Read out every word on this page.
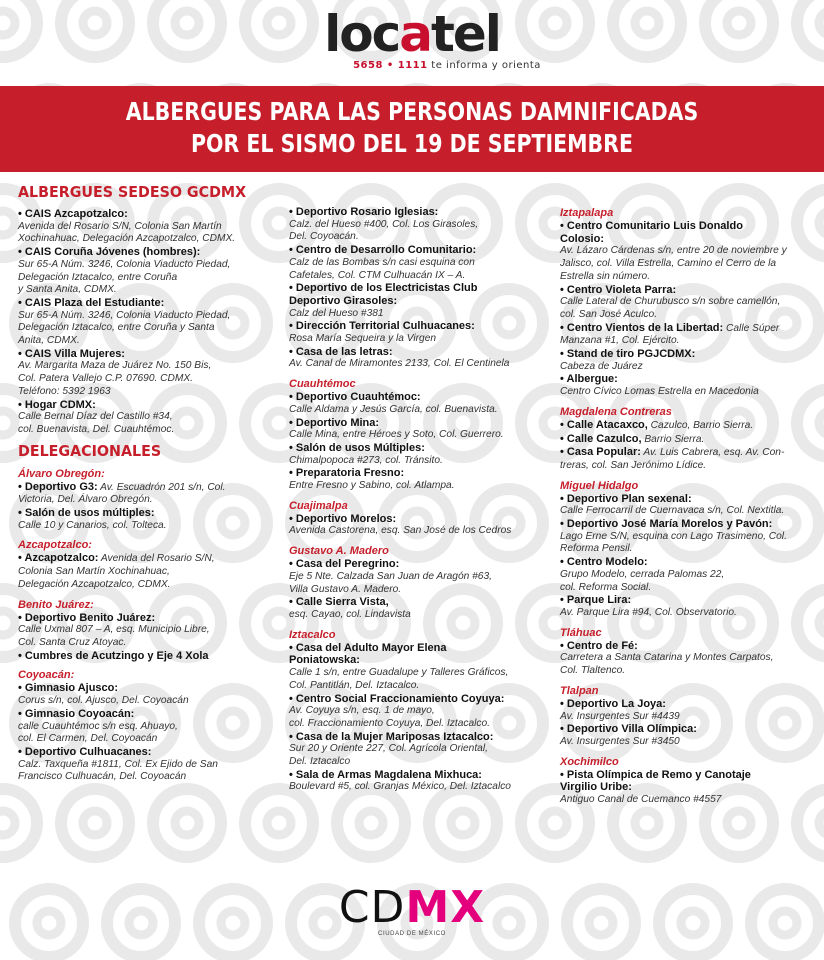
locatel
5658 • 1111 te informa y orienta
ALBERGUES PARA LAS PERSONAS DAMNIFICADAS
POR EL SISMO DEL 19 DE SEPTIEMBRE
ALBERGUES SEDESO GCDMX
• CAIS Azcapotzalco:
Avenida del Rosario S/N, Colonia San Martín
Xochinahuac, Delegación Azcapotzalco, CDMX.
• CAIS Coruña Jóvenes (hombres):
Sur 65-A Núm. 3246, Colonia Viaducto Piedad,
Delegación Iztacalco, entre Coruña
y Santa Anita, CDMX.
• CAIS Plaza del Estudiante:
Sur 65-A Núm. 3246, Colonia Viaducto Piedad,
Delegación Iztacalco, entre Coruña y Santa
Anita, CDMX.
• CAIS Villa Mujeres:
Av. Margarita Maza de Juárez No. 150 Bis,
Col. Patera Vallejo C.P. 07690. CDMX.
Teléfono: 5392 1963
• Hogar CDMX:
Calle Bernal Díaz del Castillo #34,
col. Buenavista, Del. Cuauhtémoc.
DELEGACIONALES
Álvaro Obregón:
• Deportivo G3: Av. Escuadrón 201 s/n, Col.
Victoria, Del. Álvaro Obregón.
• Salón de usos múltiples:
Calle 10 y Canarios, col. Tolteca.
Azcapotzalco:
• Azcapotzalco: Avenida del Rosario S/N,
Colonia San Martín Xochinahuac,
Delegación Azcapotzalco, CDMX.
Benito Juárez:
• Deportivo Benito Juárez:
Calle Uxmal 807 – A, esq. Municipio Libre,
Col. Santa Cruz Atoyac.
• Cumbres de Acutzingo y Eje 4 Xola
Coyoacán:
• Gimnasio Ajusco:
Corus s/n, col. Ajusco, Del. Coyoacán
• Gimnasio Coyoacán:
calle Cuauhtémoc s/n esq. Ahuayo,
col. El Carmen, Del. Coyoacán
• Deportivo Culhuacanes:
Calz. Taxqueña #1811, Col. Ex Ejido de San
Francisco Culhuacán, Del. Coyoacán
• Deportivo Rosario Iglesias:
Calz. del Hueso #400, Col. Los Girasoles,
Del. Coyoacán.
• Centro de Desarrollo Comunitario:
Calz de las Bombas s/n casi esquina con
Cafetales, Col. CTM Culhuacán IX – A.
• Deportivo de los Electricistas Club
Deportivo Girasoles:
Calz del Hueso #381
• Dirección Territorial Culhuacanes:
Rosa María Sequeira y la Virgen
• Casa de las letras:
Av. Canal de Miramontes 2133, Col. El Centinela
Cuauhtémoc
• Deportivo Cuauhtémoc:
Calle Aldama y Jesús García, col. Buenavista.
• Deportivo Mina:
Calle Mina, entre Héroes y Soto, Col. Guerrero.
• Salón de usos Múltiples:
Chimalpopoca #273, col. Tránsito.
• Preparatoria Fresno:
Entre Fresno y Sabino, col. Atlampa.
Cuajimalpa
• Deportivo Morelos:
Avenida Castorena, esq. San José de los Cedros
Gustavo A. Madero
• Casa del Peregrino:
Eje 5 Nte. Calzada San Juan de Aragón #63,
Villa Gustavo A. Madero.
• Calle Sierra Vista,
esq. Cayao, col. Lindavista
Iztacalco
• Casa del Adulto Mayor Elena
Poniatowska:
Calle 1 s/n, entre Guadalupe y Talleres Gráficos,
Col. Pantitlán, Del. Iztacalco.
• Centro Social Fraccionamiento Coyuya:
Av. Coyuya s/n, esq. 1 de mayo,
col. Fraccionamiento Coyuya, Del. Iztacalco.
• Casa de la Mujer Mariposas Iztacalco:
Sur 20 y Oriente 227, Col. Agrícola Oriental,
Del. Iztacalco
• Sala de Armas Magdalena Mixhuca:
Boulevard #5, col. Granjas México, Del. Iztacalco
Iztapalapa
• Centro Comunitario Luis Donaldo
Colosio:
Av. Lázaro Cárdenas s/n, entre 20 de noviembre y
Jalisco, col. Villa Estrella, Camino el Cerro de la
Estrella sin número.
• Centro Violeta Parra:
Calle Lateral de Churubusco s/n sobre camellón,
col. San José Aculco.
• Centro Vientos de la Libertad: Calle Súper
Manzana #1, Col. Ejército.
• Stand de tiro PGJCDMX:
Cabeza de Juárez
• Albergue:
Centro Cívico Lomas Estrella en Macedonia
Magdalena Contreras
• Calle Atacaxco, Cazulco, Barrio Sierra.
• Calle Cazulco, Barrio Sierra.
• Casa Popular: Av. Luis Cabrera, esq. Av. Con-
treras, col. San Jerónimo Lídice.
Miguel Hidalgo
• Deportivo Plan sexenal:
Calle Ferrocarril de Cuernavaca s/n, Col. Nextitla.
• Deportivo José María Morelos y Pavón:
Lago Erne S/N, esquina con Lago Trasimeno, Col.
Reforma Pensil.
• Centro Modelo:
Grupo Modelo, cerrada Palomas 22,
col. Reforma Social.
• Parque Lira:
Av. Parque Lira #94, Col. Observatorio.
Tláhuac
• Centro de Fé:
Carretera a Santa Catarina y Montes Carpatos,
Col. Tlaltenco.
Tlalpan
• Deportivo La Joya:
Av. Insurgentes Sur #4439
• Deportivo Villa Olímpica:
Av. Insurgentes Sur #3450
Xochimilco
• Pista Olímpica de Remo y Canotaje
Virgilio Uribe:
Antiguo Canal de Cuemanco #4557
CDMX
CIUDAD DE MÉXICO
